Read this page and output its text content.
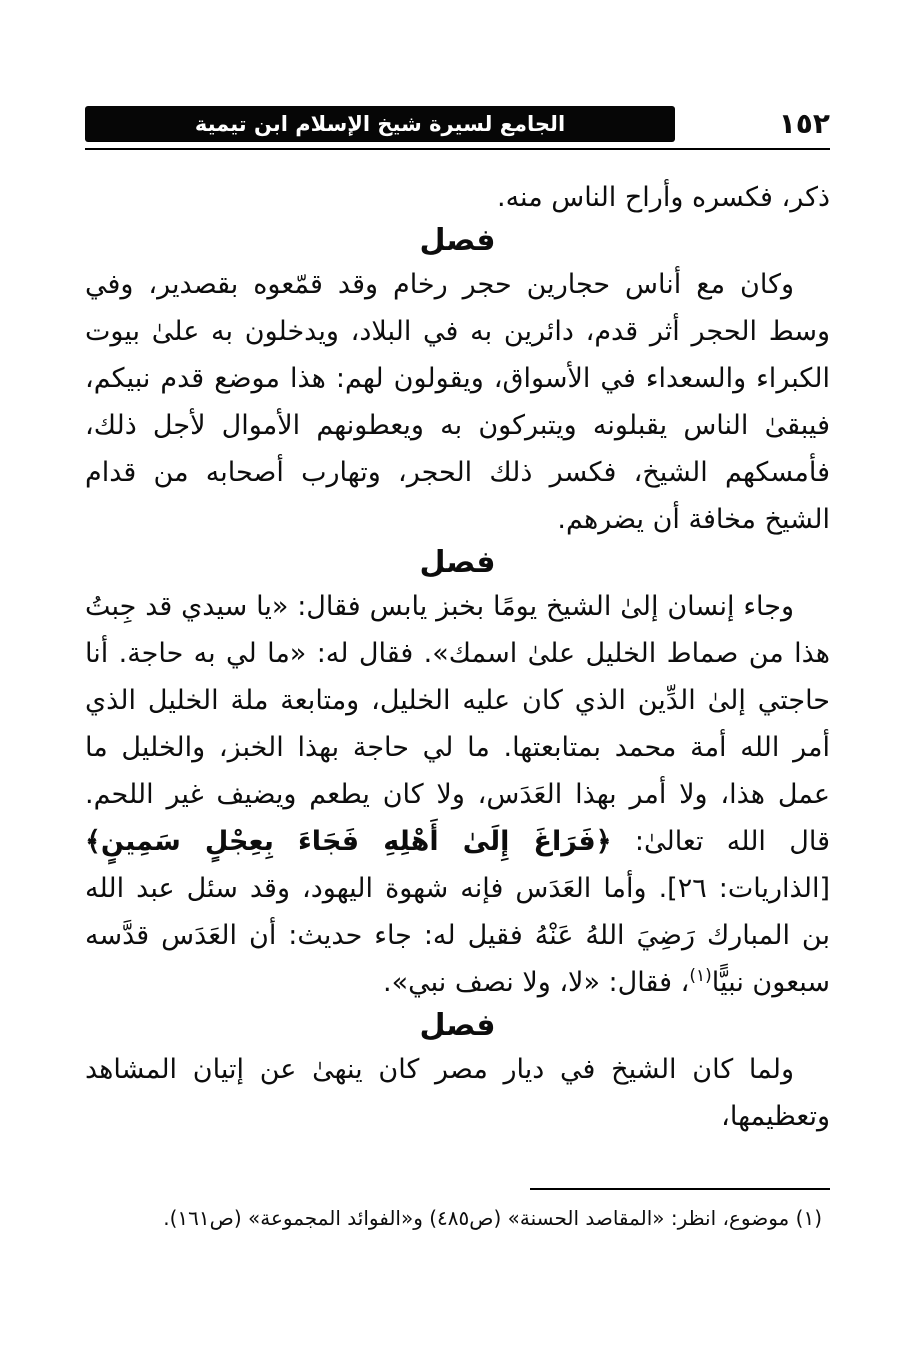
١٥٢
الجامع لسيرة شيخ الإسلام ابن تيمية

ذكر، فكسره وأراح الناس منه.

فصل

وكان مع أناس حجارين حجر رخام وقد قمّعوه بقصدير، وفي وسط الحجر أثر قدم، دائرين به في البلاد، ويدخلون به علىٰ بيوت الكبراء والسعداء في الأسواق، ويقولون لهم: هذا موضع قدم نبيكم، فيبقىٰ الناس يقبلونه ويتبركون به ويعطونهم الأموال لأجل ذلك، فأمسكهم الشيخ، فكسر ذلك الحجر، وتهارب أصحابه من قدام الشيخ مخافة أن يضرهم.

فصل

وجاء إنسان إلىٰ الشيخ يومًا بخبز يابس فقال: «يا سيدي قد جِبتُ هذا من صماط الخليل علىٰ اسمك». فقال له: «ما لي به حاجة. أنا حاجتي إلىٰ الدِّين الذي كان عليه الخليل، ومتابعة ملة الخليل الذي أمر الله أمة محمد بمتابعتها. ما لي حاجة بهذا الخبز، والخليل ما عمل هذا، ولا أمر بهذا العَدَس، ولا كان يطعم ويضيف غير اللحم. قال الله تعالىٰ: ﴿فَرَاغَ إِلَىٰ أَهْلِهِ فَجَاءَ بِعِجْلٍ سَمِينٍ﴾ [الذاريات: ٢٦]. وأما العَدَس فإنه شهوة اليهود، وقد سئل عبد الله بن المبارك رَضِيَ اللهُ عَنْهُ فقيل له: جاء حديث: أن العَدَس قدَّسه سبعون نبيًّا$^{(١)}$، فقال: «لا، ولا نصف نبي».

فصل

ولما كان الشيخ في ديار مصر كان ينهىٰ عن إتيان المشاهد وتعظيمها،

(١) موضوع، انظر: «المقاصد الحسنة» (ص٤٨٥) و«الفوائد المجموعة» (ص١٦١).
